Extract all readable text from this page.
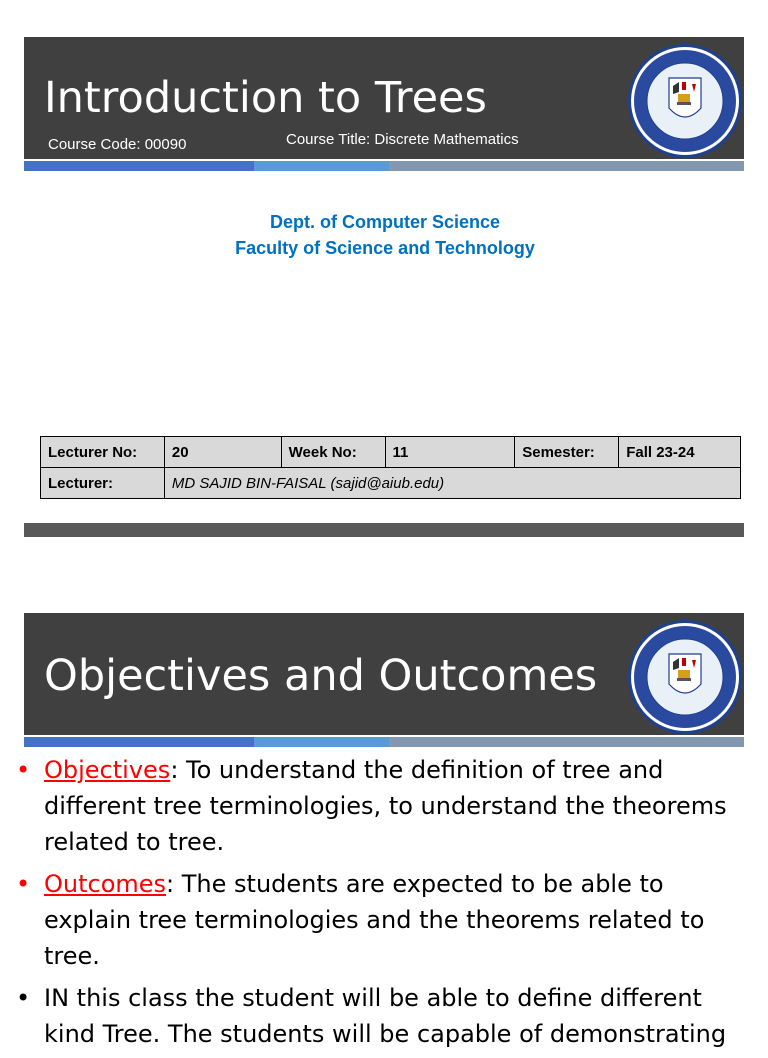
Introduction to Trees
Course Code: 00090	Course Title: Discrete Mathematics
Dept. of Computer Science
Faculty of Science and Technology
Lecturer No:	20	Week No:	11	Semester:	Fall 23-24
Lecturer:	MD SAJID BIN-FAISAL (sajid@aiub.edu)				
Objectives and Outcomes
• Objectives: To understand the definition of tree and different tree terminologies, to understand the theorems related to tree.
• Outcomes: The students are expected to be able to explain tree terminologies and the theorems related to tree.
• IN this class the student will be able to define different kind Tree. The students will be capable of demonstrating
